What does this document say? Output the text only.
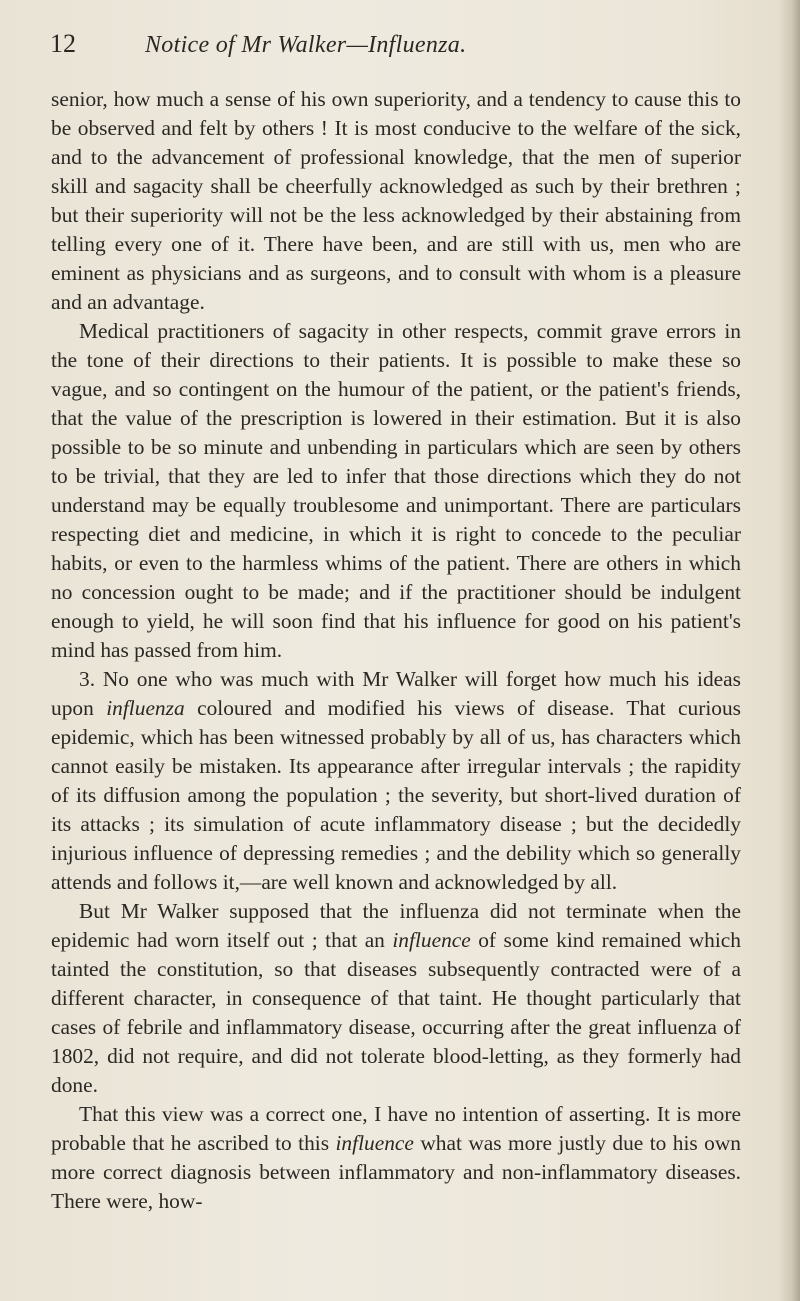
12	Notice of Mr Walker—Influenza.

senior, how much a sense of his own superiority, and a tendency to cause this to be observed and felt by others ! It is most conducive to the welfare of the sick, and to the advancement of professional knowledge, that the men of superior skill and sagacity shall be cheerfully acknowledged as such by their brethren ; but their superiority will not be the less acknowledged by their abstaining from telling every one of it. There have been, and are still with us, men who are eminent as physicians and as surgeons, and to consult with whom is a pleasure and an advantage.

Medical practitioners of sagacity in other respects, commit grave errors in the tone of their directions to their patients. It is possible to make these so vague, and so contingent on the humour of the patient, or the patient's friends, that the value of the prescription is lowered in their estimation. But it is also possible to be so minute and unbending in particulars which are seen by others to be trivial, that they are led to infer that those directions which they do not understand may be equally troublesome and unimportant. There are particulars respecting diet and medicine, in which it is right to concede to the peculiar habits, or even to the harmless whims of the patient. There are others in which no concession ought to be made; and if the practitioner should be indulgent enough to yield, he will soon find that his influence for good on his patient's mind has passed from him.

3. No one who was much with Mr Walker will forget how much his ideas upon influenza coloured and modified his views of disease. That curious epidemic, which has been witnessed probably by all of us, has characters which cannot easily be mistaken. Its appearance after irregular intervals ; the rapidity of its diffusion among the population ; the severity, but short-lived duration of its attacks ; its simulation of acute inflammatory disease ; but the decidedly injurious influence of depressing remedies ; and the debility which so generally attends and follows it,—are well known and acknowledged by all.

But Mr Walker supposed that the influenza did not terminate when the epidemic had worn itself out ; that an influence of some kind remained which tainted the constitution, so that diseases subsequently contracted were of a different character, in consequence of that taint. He thought particularly that cases of febrile and inflammatory disease, occurring after the great influenza of 1802, did not require, and did not tolerate blood-letting, as they formerly had done.

That this view was a correct one, I have no intention of asserting. It is more probable that he ascribed to this influence what was more justly due to his own more correct diagnosis between inflammatory and non-inflammatory diseases. There were, how-
